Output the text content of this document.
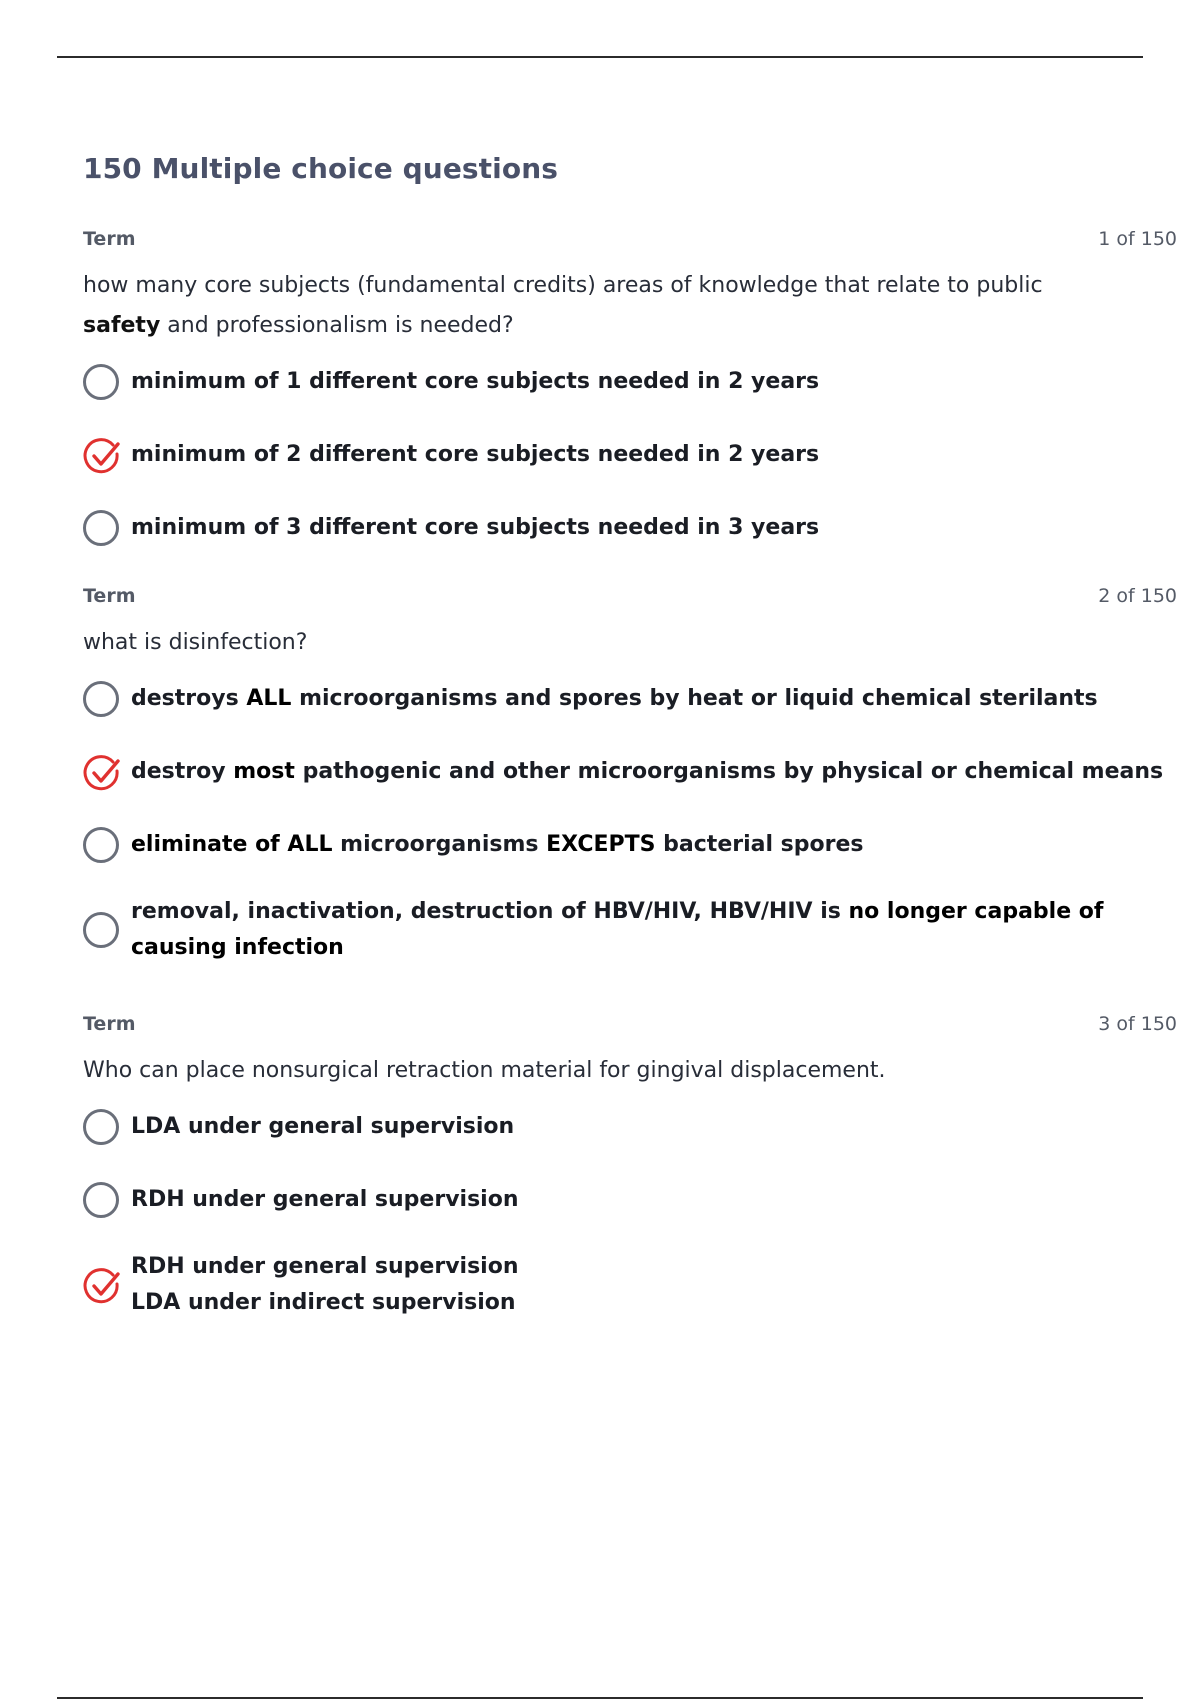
150 Multiple choice questions
Term	1 of 150
how many core subjects (fundamental credits) areas of knowledge that relate to public safety and professionalism is needed?
minimum of 1 different core subjects needed in 2 years
minimum of 2 different core subjects needed in 2 years
minimum of 3 different core subjects needed in 3 years
Term	2 of 150
what is disinfection?
destroys ALL microorganisms and spores by heat or liquid chemical sterilants
destroy most pathogenic and other microorganisms by physical or chemical means
eliminate of ALL microorganisms EXCEPTS bacterial spores
removal, inactivation, destruction of HBV/HIV, HBV/HIV is no longer capable of causing infection
Term	3 of 150
Who can place nonsurgical retraction material for gingival displacement.
LDA under general supervision
RDH under general supervision
RDH under general supervision
LDA under indirect supervision
